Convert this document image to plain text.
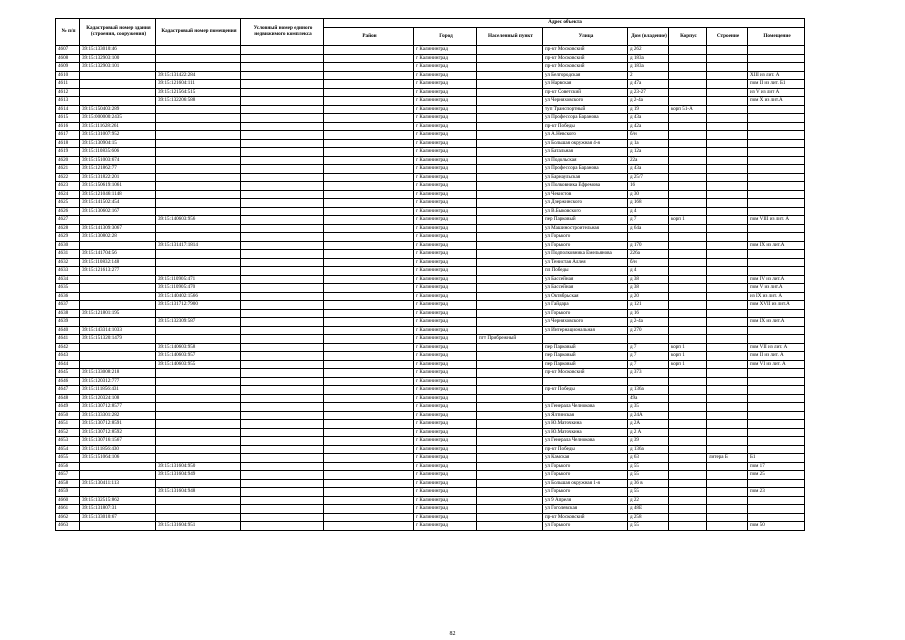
№ п/п	Кадастровый номер здания (строения, сооружения)	Кадастровый номер помещения	Условный номер единого недвижимого комплекса	Адрес объекта							
				Район	Город	Населенный пункт	Улица	Дом (владение)	Корпус	Строение	Помещение
4607	39:15:133010:46				г Калининград		пр-кт Московский	д 262			
4608	39:15:132903:100				г Калининград		пр-кт Московский	д 183а			
4609	39:15:132903:101				г Калининград		пр-кт Московский	д 183а			
4610		39:15:131422:284			г Калининград		ул Белгородская	2			XIII из лит. А
4611		39:15:121604:111			г Калининград		ул Нарвская	д 47а			пом II из лит. Б1
4612		39:15:121564:515			г Калининград		пр-кт Советский	д 23-27			из V из лит А
4613		39:15:132206:588			г Калининград		ул Черняховского	д 2-4а			пом X из лит.А
4614	39:15:150403:289				г Калининград		туп Транспортный	д 19	корп 51-А		
4615	39:15:000000:2435				г Калининград		ул Профессора Баранова	д 43а			
4616	39:15:111628:261				г Калининград		пр-кт Победы	д 42а			
4617	39:15:131007:952				г Калининград		ул А.Невского	б/н			
4618	39:15:130904:15				г Калининград		ул Большая окружная 4-я	д 1а			
4619	39:15:110835:606				г Калининград		ул Батальная	д 12а			
4620	39:15:151003:674				г Калининград		ул Подольская	22а			
4621	39:15:121862:77				г Калининград		ул Профессора Баранова	д 43а			
4622	39:15:131822:201				г Калининград		ул Барнаульская	д 25/7			
4623	39:15:150619:1061				г Калининград		ул Полковника Ефремова	16			
4624	39:15:121046:1148				г Калининград		ул Чекистов	д 30			
4625	39:15:141502:454				г Калининград		ул Дзержинского	д 168			
4626	39:15:130602:167				г Калининград		ул В.Быковского	д 4			
4627		39:15:140603:956			г Калининград		пер Парковый	д 7	корп 1		пом VIII из лит. А
4628	39:15:141309:3067				г Калининград		ул Машиностроительная	д 64а			
4629	39:15:130802:28				г Калининград		ул Горького				
4630		39:15:131417:1814			г Калининград		ул Горького	д 170			пом IX из лит.А
4631	39:15:141704:56				г Калининград		ул Подполковника Емельянова	226а			
4632	39:15:110832:148				г Калининград		ул Тенистая Аллея	б/н			
4633	39:15:121613:277				г Калининград		пл Победы	д 4			
4634		39:15:110905:471			г Калининград		ул Бассейная	д 38			пом IV из лит.А
4635		39:15:110905:470			г Калининград		ул Бассейная	д 38			пом V из лит.А
4636		39:15:140402:1566			г Калининград		ул Октябрьская	д 20			из IX из лит. А
4637		39:15:131712:7900			г Калининград		ул Гайдара	д 121			пом XVII из лит.А
4638	39:15:121801:195				г Калининград		ул Горького	д 16			
4639		39:15:132309:587			г Калининград		ул Черняховского	д 2-4а			пом IX из лит.А
4640	39:15:143314:1033				г Калининград		ул Интернациональная	д 270			
4641	39:15:151320:1479				г Калининград	пгт Прибрежный					
4642		39:15:140603:958			г Калининград		пер Парковый	д 7	корп 1		пом VII из лит. А
4643		39:15:140603:957			г Калининград		пер Парковый	д 7	корп 1		пом II из лит. А
4644		39:15:140603:955			г Калининград		пер Парковый	д 7	корп 1		пом VI из лит. А
4645	39:15:133008:218				г Калининград		пр-кт Московский	д 373			
4646	39:15:120312:777				г Калининград						
4647	39:15:111856:431				г Калининград		пр-кт Победы	д 136а			
4648	39:15:120324:108				г Калининград			49а			
4649	39:15:130712:8577				г Калининград		ул Генерала Челнокова	д 35			
4650	39:15:133301:282				г Калининград		ул Ялтинская	д 24А			
4651	39:15:130712:8591				г Калининград		ул Ю.Маточкина	д 2А			
4652	39:15:130712:8592				г Калининград		ул Ю.Маточкина	д 2 А			
4653	39:15:130716:1567				г Калининград		ул Генерала Челнокова	д 39			
4654	39:15:111856:430				г Калининград		пр-кт Победы	д 136а			
4655	39:15:151064:106				г Калининград		ул Камская	д 63		литера Б	Б1
4656		39:15:131604:950			г Калининград		ул Горького	д 55			пом 17
4657		39:15:131604:949			г Калининград		ул Горького	д 55			пом 25
4658	39:15:130411:113				г Калининград		ул Большая окружная 1-я	д 36 в			
4659		39:15:131604:948			г Калининград		ул Горького	д 55			пом 23
4660	39:15:132515:862				г Калининград		ул 9 Апреля	д 22			
4661	39:15:131807:31				г Калининград		ул Гоголевская	д 48Е			
4662	39:15:133010:67				г Калининград		пр-кт Московский	д 258			
4663		39:15:131604:951			г Калининград		ул Горького	д 55			пом 50
82
